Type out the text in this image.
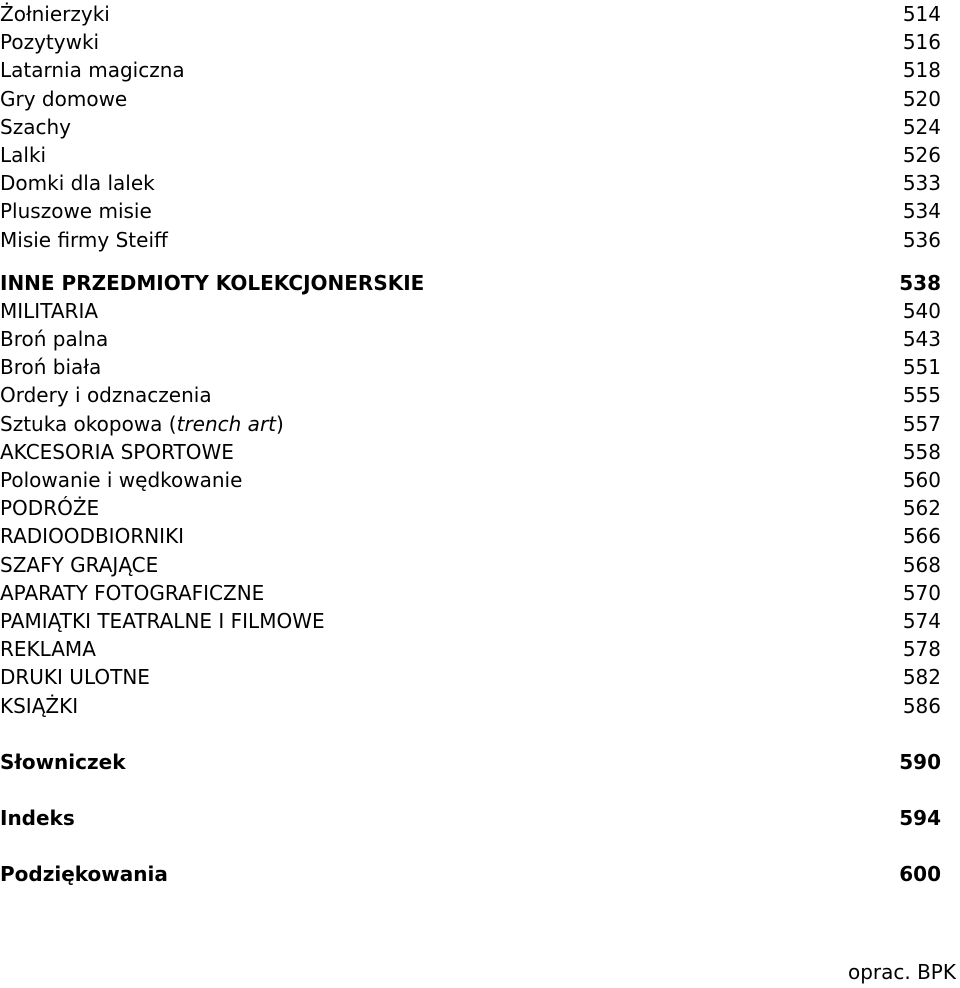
Żołnierzyki	514
Pozytywki	516
Latarnia magiczna	518
Gry domowe	520
Szachy	524
Lalki	526
Domki dla lalek	533
Pluszowe misie	534
Misie firmy Steiff	536
INNE PRZEDMIOTY KOLEKCJONERSKIE	538
MILITARIA	540
Broń palna	543
Broń biała	551
Ordery i odznaczenia	555
Sztuka okopowa (trench art)	557
AKCESORIA SPORTOWE	558
Polowanie i wędkowanie	560
PODRÓŻE	562
RADIOODBIORNIKI	566
SZAFY GRAJĄCE	568
APARATY FOTOGRAFICZNE	570
PAMIĄTKI TEATRALNE I FILMOWE	574
REKLAMA	578
DRUKI ULOTNE	582
KSIĄŻKI	586
Słowniczek	590
Indeks	594
Podziękowania	600
oprac. BPK
